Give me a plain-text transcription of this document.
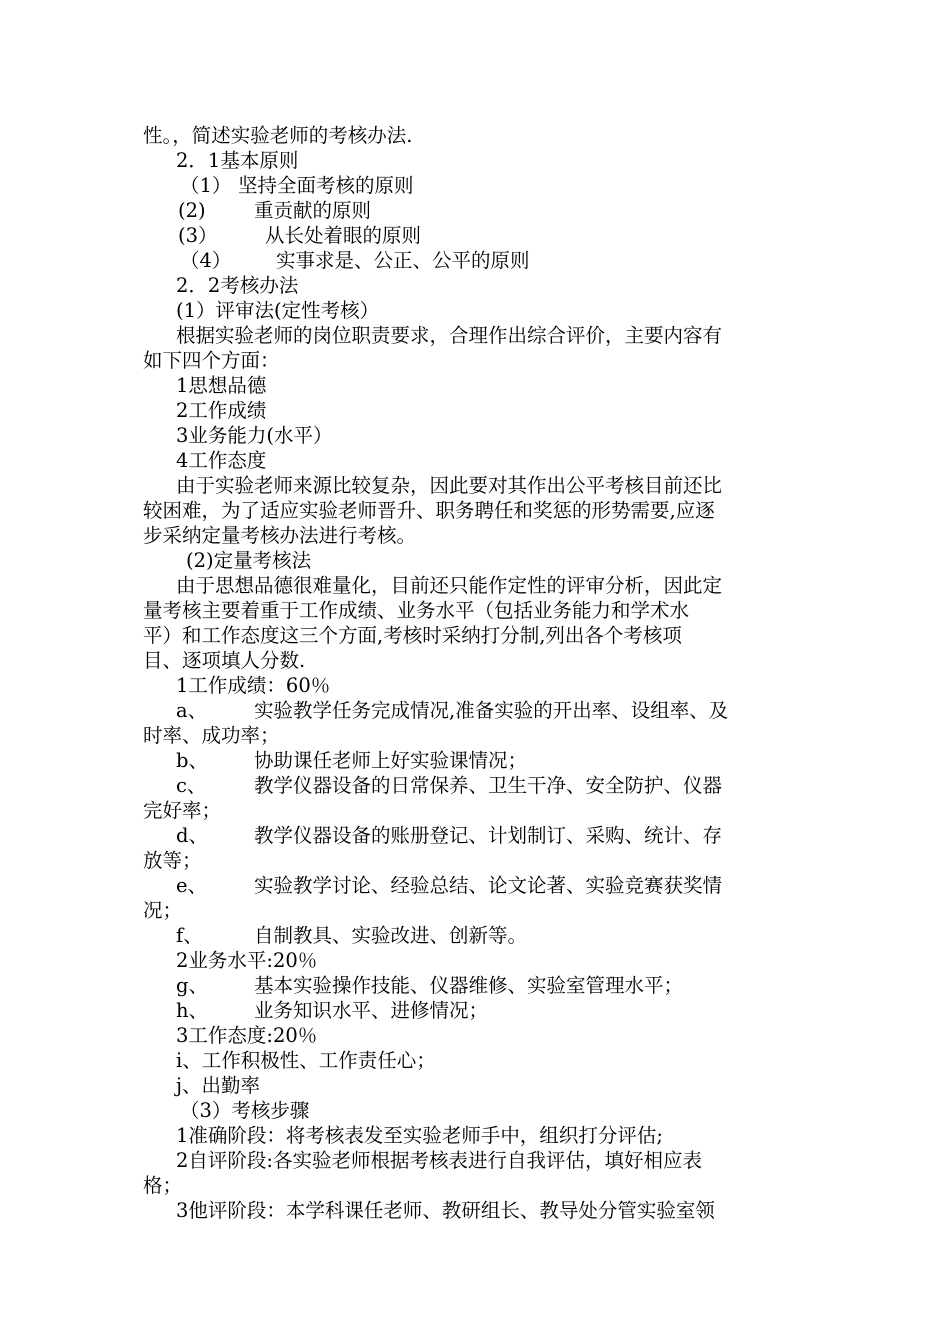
性。，简述实验老师的考核办法.
2．1基本原则
（1） 坚持全面考核的原则
(2) 重贡献的原则
(3） 从长处着眼的原则
（4） 实事求是、公正、公平的原则
2．2考核办法
(1）评审法(定性考核）
根据实验老师的岗位职责要求，合理作出综合评价，主要内容有
如下四个方面：
1思想品德
2工作成绩
3业务能力(水平）
4工作态度
由于实验老师来源比较复杂，因此要对其作出公平考核目前还比
较困难，为了适应实验老师晋升、职务聘任和奖惩的形势需要,应逐
步采纳定量考核办法进行考核。
(2)定量考核法
由于思想品德很难量化，目前还只能作定性的评审分析，因此定
量考核主要着重于工作成绩、业务水平（包括业务能力和学术水
平）和工作态度这三个方面,考核时采纳打分制,列出各个考核项
目、逐项填人分数.
1工作成绩：60％
a、 实验教学任务完成情况,准备实验的开出率、设组率、及
时率、成功率；
b、 协助课任老师上好实验课情况；
c、 教学仪器设备的日常保养、卫生干净、安全防护、仪器
完好率；
d、 教学仪器设备的账册登记、计划制订、采购、统计、存
放等；
e、 实验教学讨论、经验总结、论文论著、实验竞赛获奖情
况；
f、	自制教具、实验改进、创新等。
2业务水平:20％
g、 基本实验操作技能、仪器维修、实验室管理水平；
h、 业务知识水平、进修情况；
3工作态度:20％
i、工作积极性、工作责任心；
j、出勤率
（3）考核步骤
1准确阶段：将考核表发至实验老师手中，组织打分评估;
2自评阶段:各实验老师根据考核表进行自我评估，填好相应表
格；
3他评阶段：本学科课任老师、教研组长、教导处分管实验室领
